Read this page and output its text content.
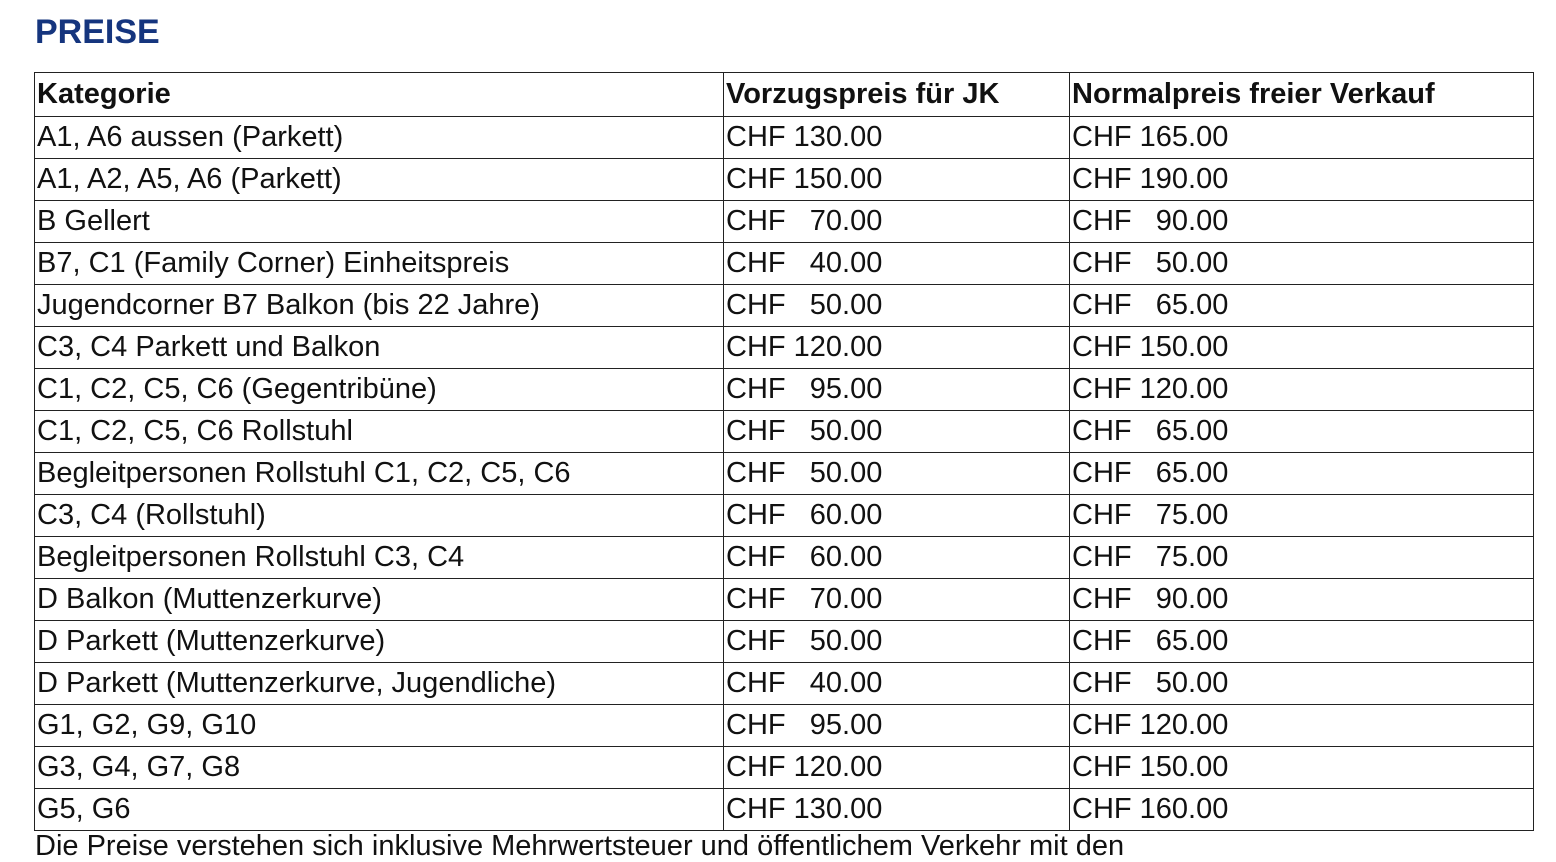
PREISE
Kategorie	Vorzugspreis für JK	Normalpreis freier Verkauf
A1, A6 aussen (Parkett)	CHF 130.00	CHF 165.00
A1, A2, A5, A6 (Parkett)	CHF 150.00	CHF 190.00
B Gellert	CHF   70.00	CHF   90.00
B7, C1 (Family Corner) Einheitspreis	CHF   40.00	CHF   50.00
Jugendcorner B7 Balkon (bis 22 Jahre)	CHF   50.00	CHF   65.00
C3, C4 Parkett und Balkon	CHF 120.00	CHF 150.00
C1, C2, C5, C6 (Gegentribüne)	CHF   95.00	CHF 120.00
C1, C2, C5, C6 Rollstuhl	CHF   50.00	CHF   65.00
Begleitpersonen Rollstuhl C1, C2, C5, C6	CHF   50.00	CHF   65.00
C3, C4 (Rollstuhl)	CHF   60.00	CHF   75.00
Begleitpersonen Rollstuhl C3, C4	CHF   60.00	CHF   75.00
D Balkon (Muttenzerkurve)	CHF   70.00	CHF   90.00
D Parkett (Muttenzerkurve)	CHF   50.00	CHF   65.00
D Parkett (Muttenzerkurve, Jugendliche)	CHF   40.00	CHF   50.00
G1, G2, G9, G10	CHF   95.00	CHF 120.00
G3, G4, G7, G8	CHF 120.00	CHF 150.00
G5, G6	CHF 130.00	CHF 160.00
Die Preise verstehen sich inklusive Mehrwertsteuer und öffentlichem Verkehr mit den
